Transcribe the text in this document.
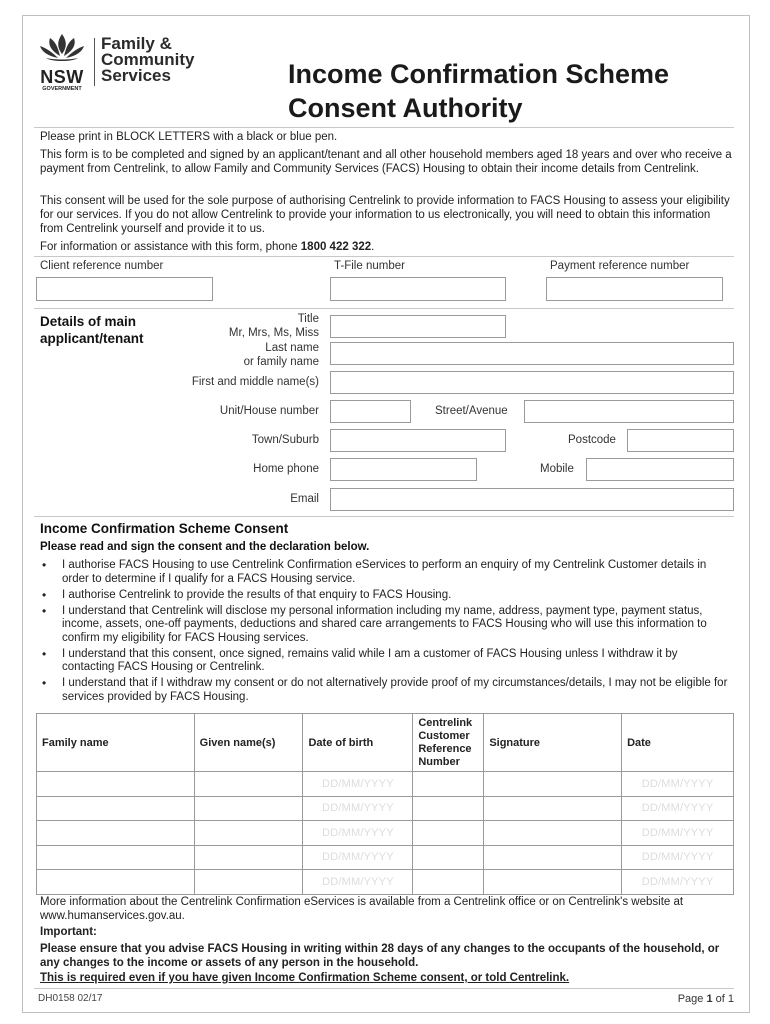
NSW
GOVERNMENT
Family &
Community
Services	Income Confirmation Scheme
Consent Authority
Please print in BLOCK LETTERS with a black or blue pen.
This form is to be completed and signed by an applicant/tenant and all other household members aged 18 years and over who receive a payment from Centrelink, to allow Family and Community Services (FACS) Housing to obtain their income details from Centrelink.
This consent will be used for the sole purpose of authorising Centrelink to provide information to FACS Housing to assess your eligibility for our services. If you do not allow Centrelink to provide your information to us electronically, you will need to obtain this information from Centrelink yourself and provide it to us.
For information or assistance with this form, phone 1800 422 322.
Client reference number	T-File number	Payment reference number
Details of main
applicant/tenant
Title
Mr, Mrs, Ms, Miss
Last name
or family name
First and middle name(s)
Unit/House number	Street/Avenue
Town/Suburb	Postcode
Home phone	Mobile
Email
Income Confirmation Scheme Consent
Please read and sign the consent and the declaration below.
• I authorise FACS Housing to use Centrelink Confirmation eServices to perform an enquiry of my Centrelink Customer details in order to determine if I qualify for a FACS Housing service.
• I authorise Centrelink to provide the results of that enquiry to FACS Housing.
• I understand that Centrelink will disclose my personal information including my name, address, payment type, payment status, income, assets, one-off payments, deductions and shared care arrangements to FACS Housing who will use this information to confirm my eligibility for FACS Housing services.
• I understand that this consent, once signed, remains valid while I am a customer of FACS Housing unless I withdraw it by contacting FACS Housing or Centrelink.
• I understand that if I withdraw my consent or do not alternatively provide proof of my circumstances/details, I may not be eligible for services provided by FACS Housing.
Family name	Given name(s)	Date of birth	Centrelink Customer Reference Number	Signature	Date
		DD/MM/YYYY			DD/MM/YYYY
		DD/MM/YYYY			DD/MM/YYYY
		DD/MM/YYYY			DD/MM/YYYY
		DD/MM/YYYY			DD/MM/YYYY
		DD/MM/YYYY			DD/MM/YYYY
More information about the Centrelink Confirmation eServices is available from a Centrelink office or on Centrelink's website at www.humanservices.gov.au.
Important:
Please ensure that you advise FACS Housing in writing within 28 days of any changes to the occupants of the household, or any changes to the income or assets of any person in the household.
This is required even if you have given Income Confirmation Scheme consent, or told Centrelink.
DH0158 02/17	Page 1 of 1
